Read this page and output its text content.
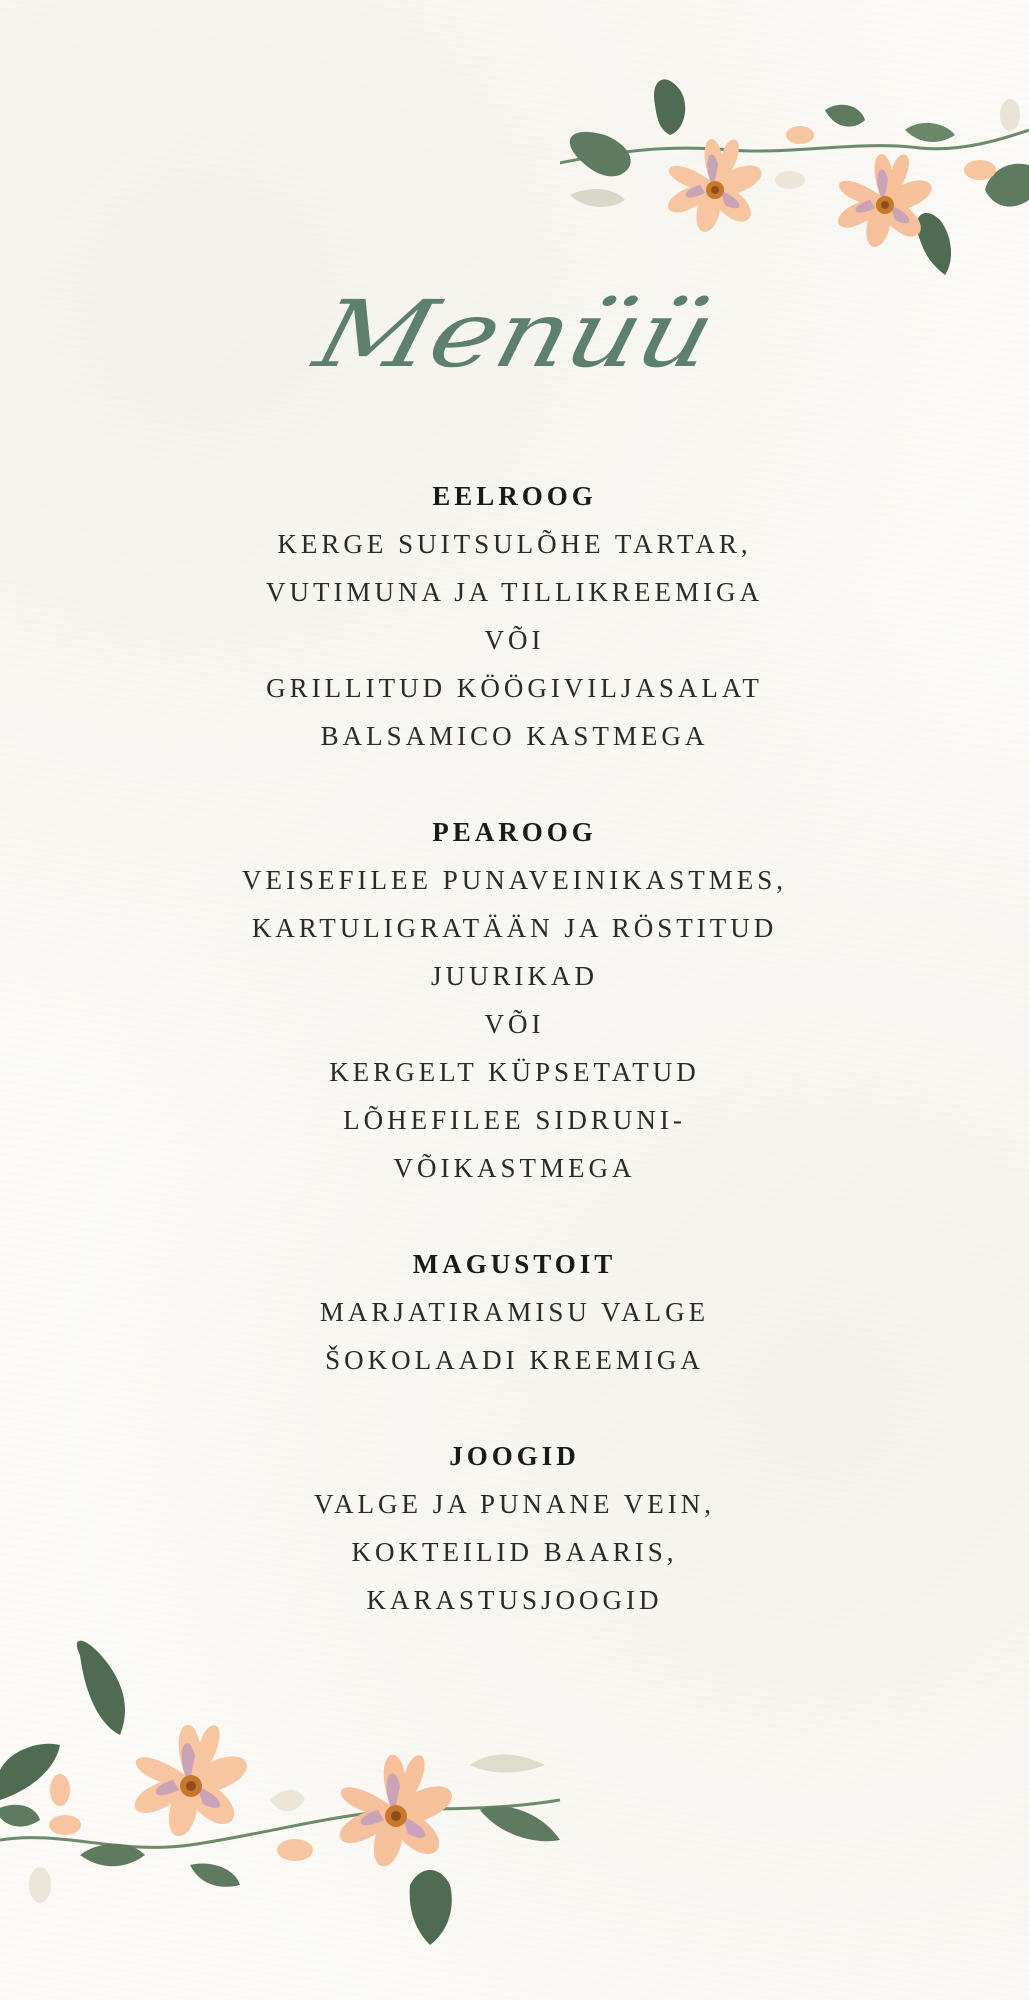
Menüü
EELROOG
KERGE SUITSULÕHE TARTAR,
VUTIMUNA JA TILLIKREEMIGA
VÕI
GRILLITUD KÖÖGIVILJASALAT
BALSAMICO KASTMEGA
PEAROOG
VEISEFILEE PUNAVEINIKASTMES,
KARTULIGRATÄÄN JA RÖSTITUD
JUURIKAD
VÕI
KERGELT KÜPSETATUD
LÕHEFILEE SIDRUNI-
VÕIKASTMEGA
MAGUSTOIT
MARJATIRAMISU VALGE
ŠOKOLAADI KREEMIGA
JOOGID
VALGE JA PUNANE VEIN,
KOKTEILID BAARIS,
KARASTUSJOOGID
